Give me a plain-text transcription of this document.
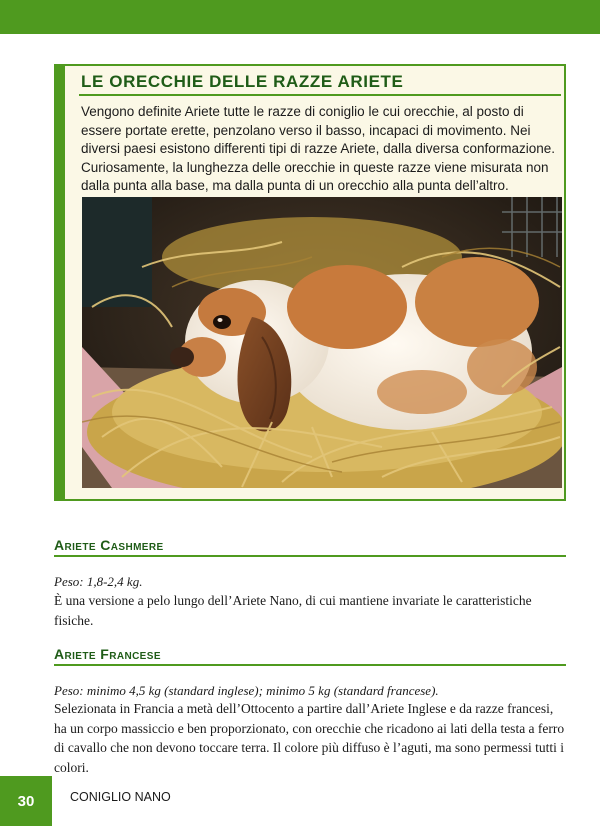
LE ORECCHIE DELLE RAZZE ARIETE

Vengono definite Ariete tutte le razze di coniglio le cui orecchie, al posto di essere portate erette, penzolano verso il basso, incapaci di movimento. Nei diversi paesi esistono differenti tipi di razze Ariete, dalla diversa conformazione. Curiosamente, la lunghezza delle orecchie in queste razze viene misurata non dalla punta alla base, ma dalla punta di un orecchio alla punta dell’altro.

Ariete Cashmere

Peso: 1,8-2,4 kg.

È una versione a pelo lungo dell’Ariete Nano, di cui mantiene invariate le caratteristiche fisiche.

Ariete Francese

Peso: minimo 4,5 kg (standard inglese); minimo 5 kg (standard francese).

Selezionata in Francia a metà dell’Ottocento a partire dall’Ariete Inglese e da razze francesi, ha un corpo massiccio e ben proporzionato, con orecchie che ricadono ai lati della testa a ferro di cavallo che non devono toccare terra. Il colore più diffuso è l’aguti, ma sono permessi tutti i colori.

30	CONIGLIO NANO
